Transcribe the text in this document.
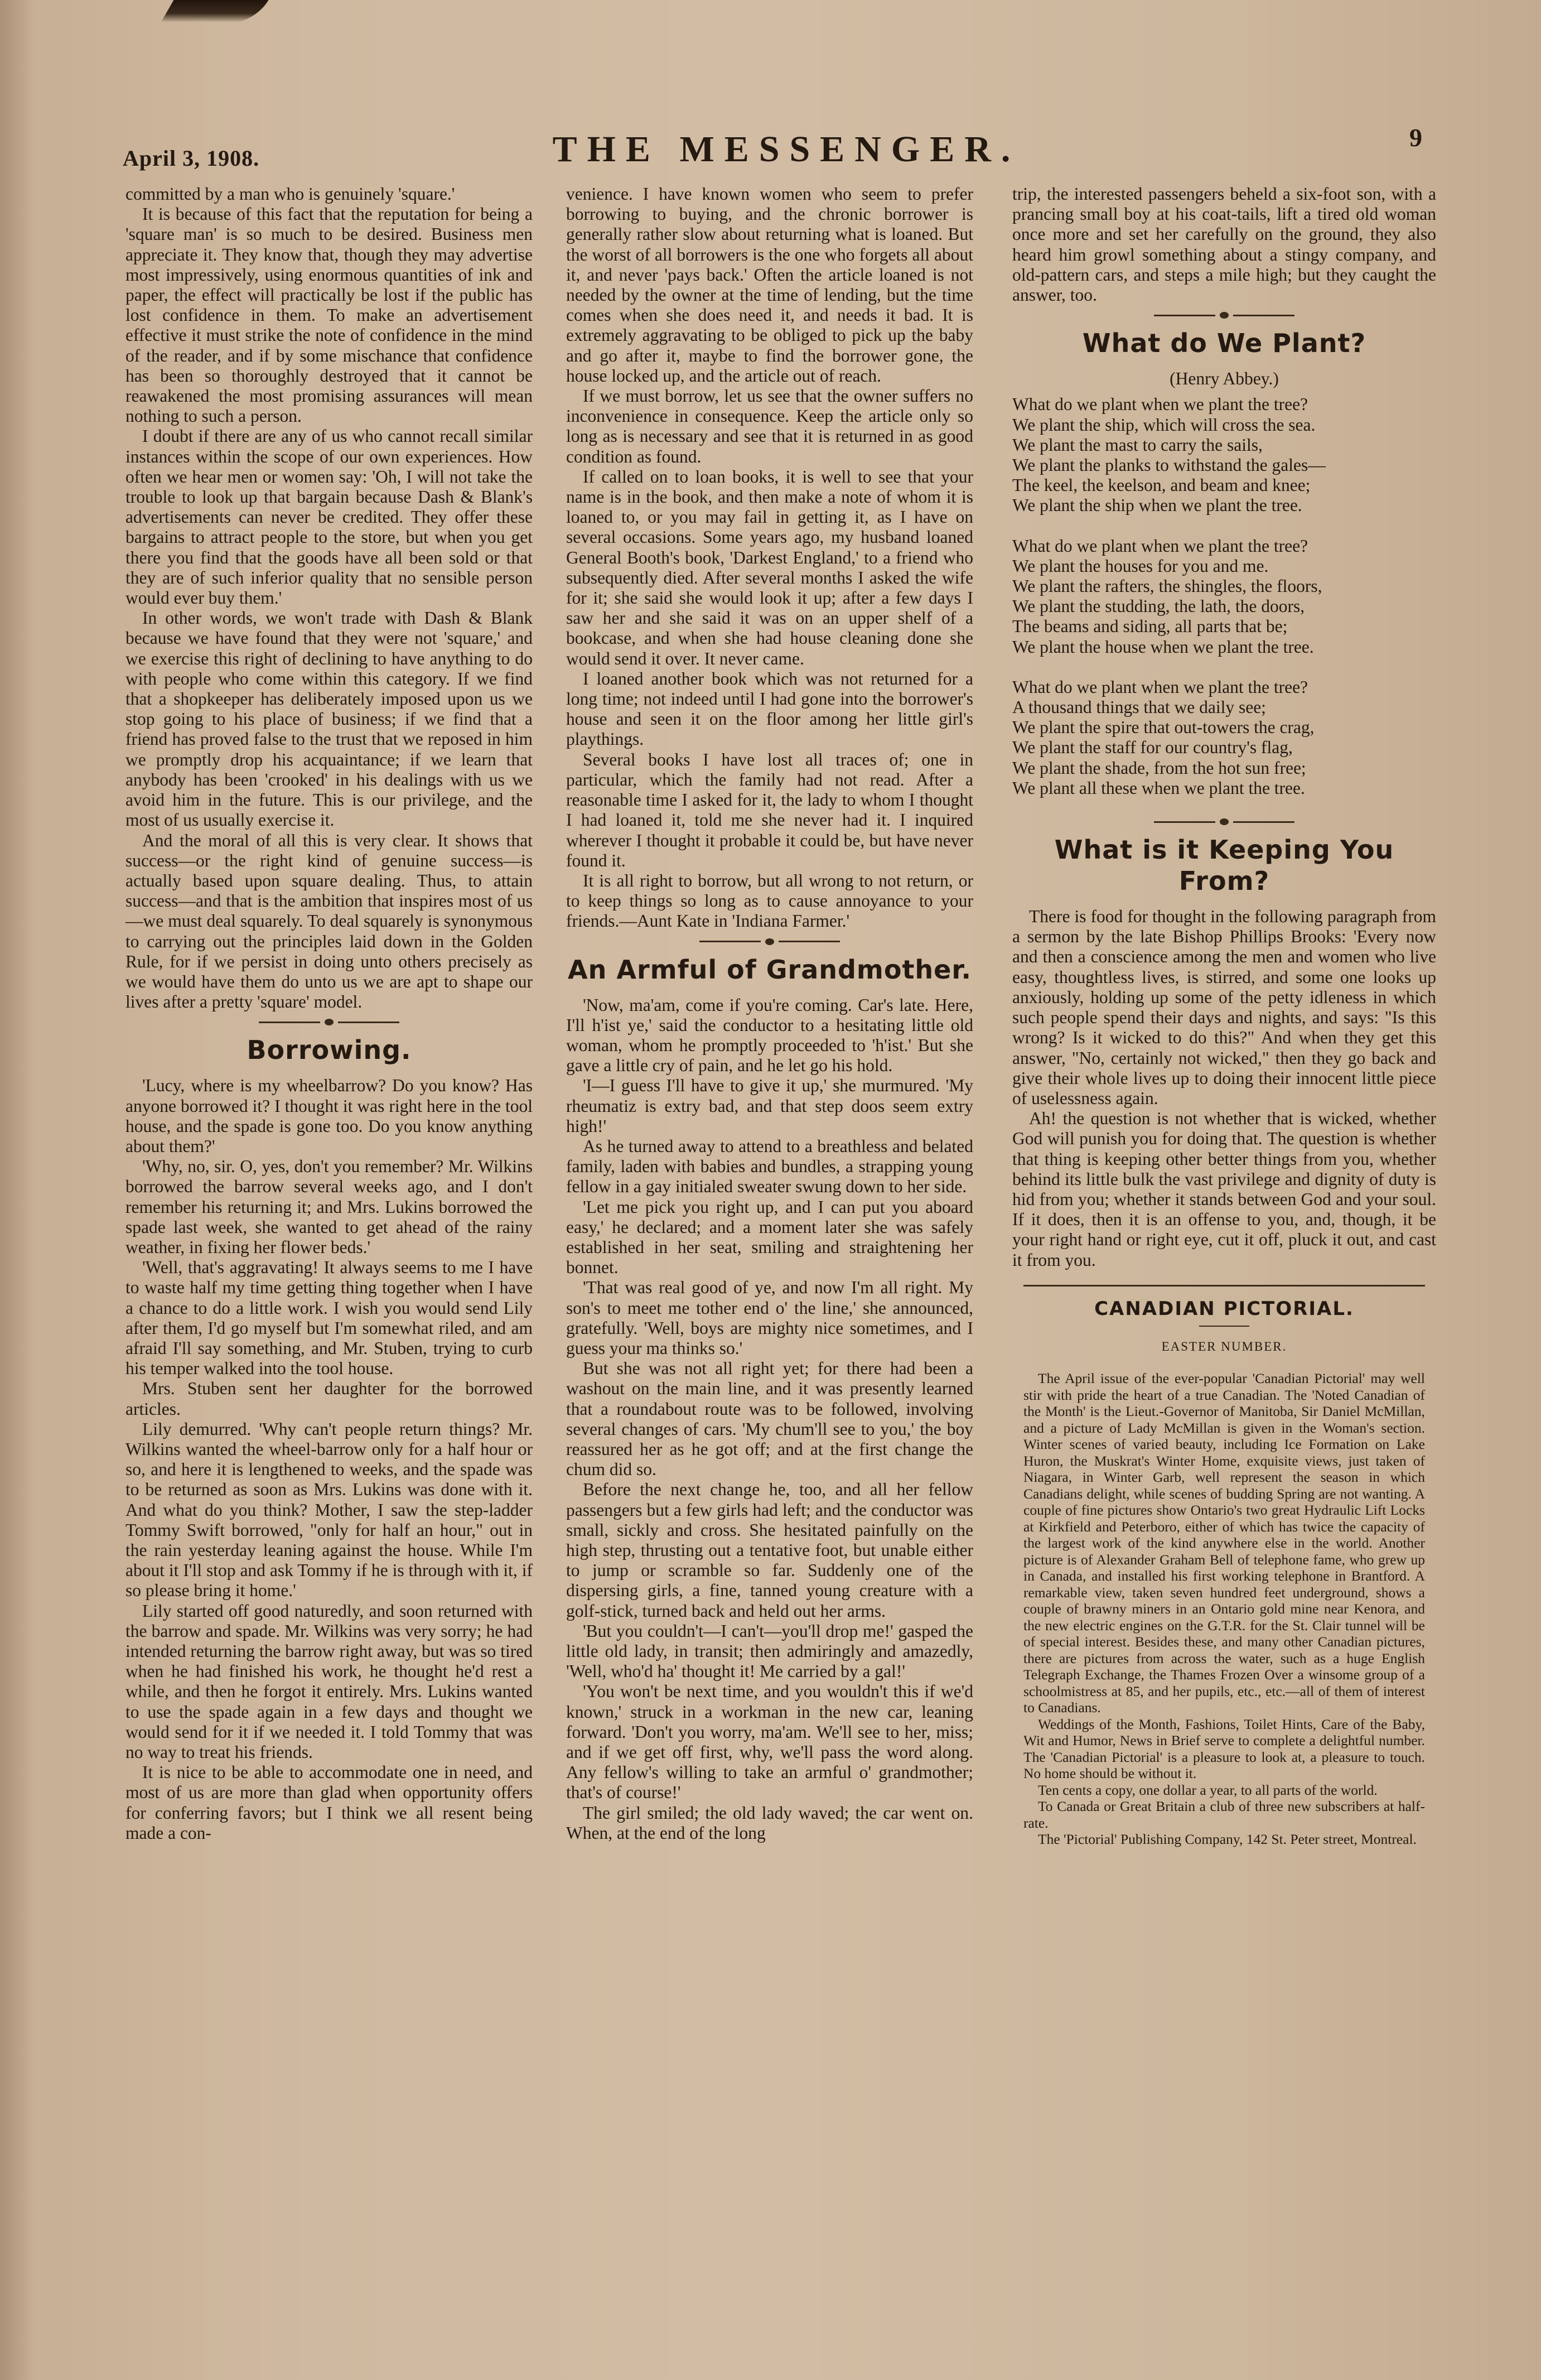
April 3, 1908.	THE MESSENGER.	9

committed by a man who is genuinely 'square.'

It is because of this fact that the reputation for being a 'square man' is so much to be desired. Business men appreciate it. They know that, though they may advertise most impressively, using enormous quantities of ink and paper, the effect will practically be lost if the public has lost confidence in them. To make an advertisement effective it must strike the note of confidence in the mind of the reader, and if by some mischance that confidence has been so thoroughly destroyed that it cannot be reawakened the most promising assurances will mean nothing to such a person.

I doubt if there are any of us who cannot recall similar instances within the scope of our own experiences. How often we hear men or women say: 'Oh, I will not take the trouble to look up that bargain because Dash & Blank's advertisements can never be credited. They offer these bargains to attract people to the store, but when you get there you find that the goods have all been sold or that they are of such inferior quality that no sensible person would ever buy them.'

In other words, we won't trade with Dash & Blank because we have found that they were not 'square,' and we exercise this right of declining to have anything to do with people who come within this category. If we find that a shopkeeper has deliberately imposed upon us we stop going to his place of business; if we find that a friend has proved false to the trust that we reposed in him we promptly drop his acquaintance; if we learn that anybody has been 'crooked' in his dealings with us we avoid him in the future. This is our privilege, and the most of us usually exercise it.

And the moral of all this is very clear. It shows that success—or the right kind of genuine success—is actually based upon square dealing. Thus, to attain success—and that is the ambition that inspires most of us—we must deal squarely. To deal squarely is synonymous to carrying out the principles laid down in the Golden Rule, for if we persist in doing unto others precisely as we would have them do unto us we are apt to shape our lives after a pretty 'square' model.

Borrowing.

'Lucy, where is my wheelbarrow? Do you know? Has anyone borrowed it? I thought it was right here in the tool house, and the spade is gone too. Do you know anything about them?'

'Why, no, sir. O, yes, don't you remember? Mr. Wilkins borrowed the barrow several weeks ago, and I don't remember his returning it; and Mrs. Lukins borrowed the spade last week, she wanted to get ahead of the rainy weather, in fixing her flower beds.'

'Well, that's aggravating! It always seems to me I have to waste half my time getting thing together when I have a chance to do a little work. I wish you would send Lily after them, I'd go myself but I'm somewhat riled, and am afraid I'll say something, and Mr. Stuben, trying to curb his temper walked into the tool house.

Mrs. Stuben sent her daughter for the borrowed articles.

Lily demurred. 'Why can't people return things? Mr. Wilkins wanted the wheel-barrow only for a half hour or so, and here it is lengthened to weeks, and the spade was to be returned as soon as Mrs. Lukins was done with it. And what do you think? Mother, I saw the step-ladder Tommy Swift borrowed, "only for half an hour," out in the rain yesterday leaning against the house. While I'm about it I'll stop and ask Tommy if he is through with it, if so please bring it home.'

Lily started off good naturedly, and soon returned with the barrow and spade. Mr. Wilkins was very sorry; he had intended returning the barrow right away, but was so tired when he had finished his work, he thought he'd rest a while, and then he forgot it entirely. Mrs. Lukins wanted to use the spade again in a few days and thought we would send for it if we needed it. I told Tommy that was no way to treat his friends.

It is nice to be able to accommodate one in need, and most of us are more than glad when opportunity offers for conferring favors; but I think we all resent being made a con-

venience. I have known women who seem to prefer borrowing to buying, and the chronic borrower is generally rather slow about returning what is loaned. But the worst of all borrowers is the one who forgets all about it, and never 'pays back.' Often the article loaned is not needed by the owner at the time of lending, but the time comes when she does need it, and needs it bad. It is extremely aggravating to be obliged to pick up the baby and go after it, maybe to find the borrower gone, the house locked up, and the article out of reach.

If we must borrow, let us see that the owner suffers no inconvenience in consequence. Keep the article only so long as is necessary and see that it is returned in as good condition as found.

If called on to loan books, it is well to see that your name is in the book, and then make a note of whom it is loaned to, or you may fail in getting it, as I have on several occasions. Some years ago, my husband loaned General Booth's book, 'Darkest England,' to a friend who subsequently died. After several months I asked the wife for it; she said she would look it up; after a few days I saw her and she said it was on an upper shelf of a bookcase, and when she had house cleaning done she would send it over. It never came.

I loaned another book which was not returned for a long time; not indeed until I had gone into the borrower's house and seen it on the floor among her little girl's playthings.

Several books I have lost all traces of; one in particular, which the family had not read. After a reasonable time I asked for it, the lady to whom I thought I had loaned it, told me she never had it. I inquired wherever I thought it probable it could be, but have never found it.

It is all right to borrow, but all wrong to not return, or to keep things so long as to cause annoyance to your friends.—Aunt Kate in 'Indiana Farmer.'

An Armful of Grandmother.

'Now, ma'am, come if you're coming. Car's late. Here, I'll h'ist ye,' said the conductor to a hesitating little old woman, whom he promptly proceeded to 'h'ist.' But she gave a little cry of pain, and he let go his hold.

'I—I guess I'll have to give it up,' she murmured. 'My rheumatiz is extry bad, and that step doos seem extry high!'

As he turned away to attend to a breathless and belated family, laden with babies and bundles, a strapping young fellow in a gay initialed sweater swung down to her side.

'Let me pick you right up, and I can put you aboard easy,' he declared; and a moment later she was safely established in her seat, smiling and straightening her bonnet.

'That was real good of ye, and now I'm all right. My son's to meet me tother end o' the line,' she announced, gratefully. 'Well, boys are mighty nice sometimes, and I guess your ma thinks so.'

But she was not all right yet; for there had been a washout on the main line, and it was presently learned that a roundabout route was to be followed, involving several changes of cars. 'My chum'll see to you,' the boy reassured her as he got off; and at the first change the chum did so.

Before the next change he, too, and all her fellow passengers but a few girls had left; and the conductor was small, sickly and cross. She hesitated painfully on the high step, thrusting out a tentative foot, but unable either to jump or scramble so far. Suddenly one of the dispersing girls, a fine, tanned young creature with a golf-stick, turned back and held out her arms.

'But you couldn't—I can't—you'll drop me!' gasped the little old lady, in transit; then admiringly and amazedly, 'Well, who'd ha' thought it! Me carried by a gal!'

'You won't be next time, and you wouldn't this if we'd known,' struck in a workman in the new car, leaning forward. 'Don't you worry, ma'am. We'll see to her, miss; and if we get off first, why, we'll pass the word along. Any fellow's willing to take an armful o' grandmother; that's of course!'

The girl smiled; the old lady waved; the car went on. When, at the end of the long

trip, the interested passengers beheld a six-foot son, with a prancing small boy at his coat-tails, lift a tired old woman once more and set her carefully on the ground, they also heard him growl something about a stingy company, and old-pattern cars, and steps a mile high; but they caught the answer, too.

What do We Plant?
(Henry Abbey.)
What do we plant when we plant the tree?
We plant the ship, which will cross the sea.
We plant the mast to carry the sails,
We plant the planks to withstand the gales—
The keel, the keelson, and beam and knee;
We plant the ship when we plant the tree.
What do we plant when we plant the tree?
We plant the houses for you and me.
We plant the rafters, the shingles, the floors,
We plant the studding, the lath, the doors,
The beams and siding, all parts that be;
We plant the house when we plant the tree.
What do we plant when we plant the tree?
A thousand things that we daily see;
We plant the spire that out-towers the crag,
We plant the staff for our country's flag,
We plant the shade, from the hot sun free;
We plant all these when we plant the tree.
What is it Keeping You From?

There is food for thought in the following paragraph from a sermon by the late Bishop Phillips Brooks: 'Every now and then a conscience among the men and women who live easy, thoughtless lives, is stirred, and some one looks up anxiously, holding up some of the petty idleness in which such people spend their days and nights, and says: "Is this wrong? Is it wicked to do this?" And when they get this answer, "No, certainly not wicked," then they go back and give their whole lives up to doing their innocent little piece of uselessness again.

Ah! the question is not whether that is wicked, whether God will punish you for doing that. The question is whether that thing is keeping other better things from you, whether behind its little bulk the vast privilege and dignity of duty is hid from you; whether it stands between God and your soul. If it does, then it is an offense to you, and, though, it be your right hand or right eye, cut it off, pluck it out, and cast it from you.

CANADIAN PICTORIAL.
EASTER NUMBER.

The April issue of the ever-popular 'Canadian Pictorial' may well stir with pride the heart of a true Canadian. The 'Noted Canadian of the Month' is the Lieut.-Governor of Manitoba, Sir Daniel McMillan, and a picture of Lady McMillan is given in the Woman's section. Winter scenes of varied beauty, including Ice Formation on Lake Huron, the Muskrat's Winter Home, exquisite views, just taken of Niagara, in Winter Garb, well represent the season in which Canadians delight, while scenes of budding Spring are not wanting. A couple of fine pictures show Ontario's two great Hydraulic Lift Locks at Kirkfield and Peterboro, either of which has twice the capacity of the largest work of the kind anywhere else in the world. Another picture is of Alexander Graham Bell of telephone fame, who grew up in Canada, and installed his first working telephone in Brantford. A remarkable view, taken seven hundred feet underground, shows a couple of brawny miners in an Ontario gold mine near Kenora, and the new electric engines on the G.T.R. for the St. Clair tunnel will be of special interest. Besides these, and many other Canadian pictures, there are pictures from across the water, such as a huge English Telegraph Exchange, the Thames Frozen Over a winsome group of a schoolmistress at 85, and her pupils, etc., etc.—all of them of interest to Canadians.

Weddings of the Month, Fashions, Toilet Hints, Care of the Baby, Wit and Humor, News in Brief serve to complete a delightful number. The 'Canadian Pictorial' is a pleasure to look at, a pleasure to touch. No home should be without it.

Ten cents a copy, one dollar a year, to all parts of the world.

To Canada or Great Britain a club of three new subscribers at half-rate.

The 'Pictorial' Publishing Company, 142 St. Peter street, Montreal.
